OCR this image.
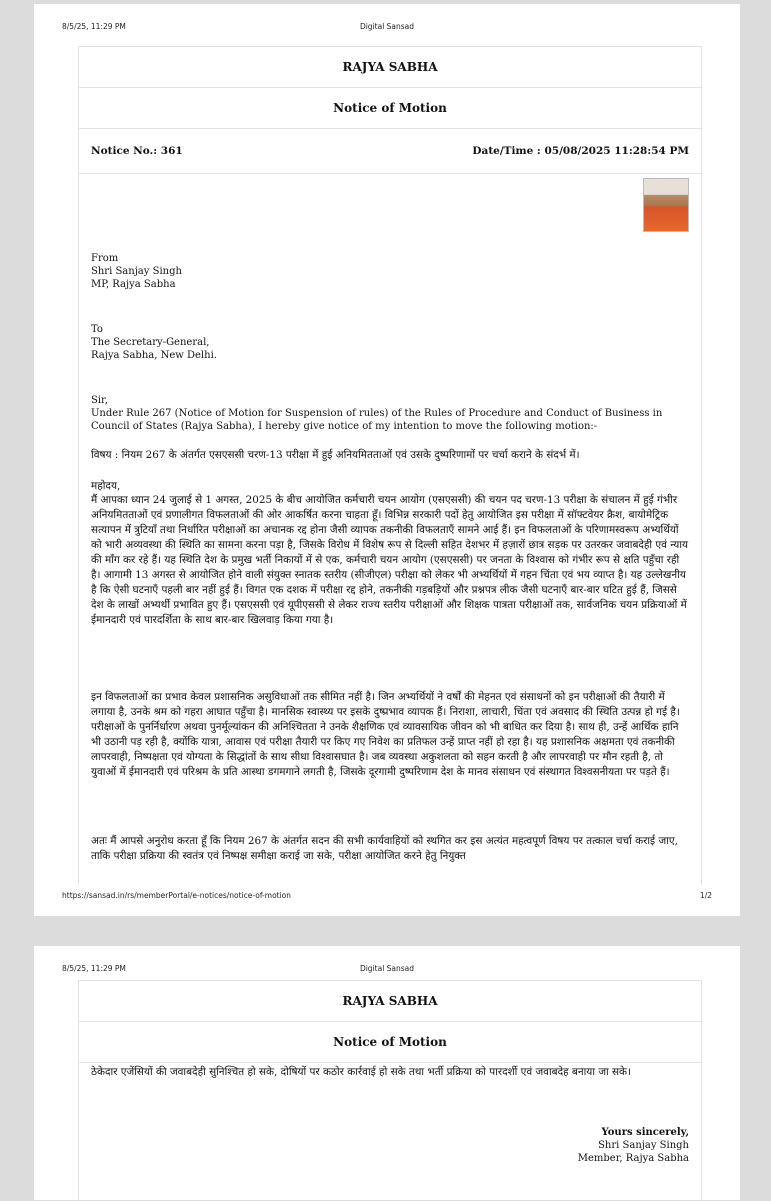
8/5/25, 11:29 PM	Digital Sansad
RAJYA SABHA
Notice of Motion
Notice No.: 361	Date/Time : 05/08/2025 11:28:54 PM

From

Shri Sanjay Singh

MP, Rajya Sabha

To

The Secretary-General,

Rajya Sabha, New Delhi.

Sir,

Under Rule 267 (Notice of Motion for Suspension of rules) of the Rules of Procedure and Conduct of Business in Council of States (Rajya Sabha), I hereby give notice of my intention to move the following motion:-

विषय : नियम 267 के अंतर्गत एसएससी चरण-13 परीक्षा में हुई अनियमितताओं एवं उसके दुष्परिणामों पर चर्चा कराने के संदर्भ में।
महोदय,
मैं आपका ध्यान 24 जुलाई से 1 अगस्त, 2025 के बीच आयोजित कर्मचारी चयन आयोग (एसएससी) की चयन पद चरण-13 परीक्षा के संचालन में हुई गंभीर अनियमितताओं एवं प्रणालीगत विफलताओं की ओर आकर्षित करना चाहता हूँ। विभिन्न सरकारी पदों हेतु आयोजित इस परीक्षा में सॉफ्टवेयर क्रैश, बायोमेट्रिक सत्यापन में त्रुटियाँ तथा निर्धारित परीक्षाओं का अचानक रद्द होना जैसी व्यापक तकनीकी विफलताएँ सामने आई हैं। इन विफलताओं के परिणामस्वरूप अभ्यर्थियों को भारी अव्यवस्था की स्थिति का सामना करना पड़ा है, जिसके विरोध में विशेष रूप से दिल्ली सहित देशभर में हज़ारों छात्र सड़क पर उतरकर जवाबदेही एवं न्याय की माँग कर रहे हैं। यह स्थिति देश के प्रमुख भर्ती निकायों में से एक, कर्मचारी चयन आयोग (एसएससी) पर जनता के विश्वास को गंभीर रूप से क्षति पहुँचा रही है। आगामी 13 अगस्त से आयोजित होने वाली संयुक्त स्नातक स्तरीय (सीजीएल) परीक्षा को लेकर भी अभ्यर्थियों में गहन चिंता एवं भय व्याप्त है। यह उल्लेखनीय है कि ऐसी घटनाएँ पहली बार नहीं हुई हैं। विगत एक दशक में परीक्षा रद्द होने, तकनीकी गड़बड़ियों और प्रश्नपत्र लीक जैसी घटनाएँ बार-बार घटित हुई हैं, जिससे देश के लाखों अभ्यर्थी प्रभावित हुए हैं। एसएससी एवं यूपीएससी से लेकर राज्य स्तरीय परीक्षाओं और शिक्षक पात्रता परीक्षाओं तक, सार्वजनिक चयन प्रक्रियाओं में ईमानदारी एवं पारदर्शिता के साथ बार-बार खिलवाड़ किया गया है।
इन विफलताओं का प्रभाव केवल प्रशासनिक असुविधाओं तक सीमित नहीं है। जिन अभ्यर्थियों ने वर्षों की मेहनत एवं संसाधनों को इन परीक्षाओं की तैयारी में लगाया है, उनके श्रम को गहरा आघात पहुँचा है। मानसिक स्वास्थ्य पर इसके दुष्प्रभाव व्यापक हैं। निराशा, लाचारी, चिंता एवं अवसाद की स्थिति उत्पन्न हो गई है। परीक्षाओं के पुनर्निर्धारण अथवा पुनर्मूल्यांकन की अनिश्चितता ने उनके शैक्षणिक एवं व्यावसायिक जीवन को भी बाधित कर दिया है। साथ ही, उन्हें आर्थिक हानि भी उठानी पड़ रही है, क्योंकि यात्रा, आवास एवं परीक्षा तैयारी पर किए गए निवेश का प्रतिफल उन्हें प्राप्त नहीं हो रहा है। यह प्रशासनिक अक्षमता एवं तकनीकी लापरवाही, निष्पक्षता एवं योग्यता के सिद्धांतों के साथ सीधा विश्वासघात है। जब व्यवस्था अकुशलता को सहन करती है और लापरवाही पर मौन रहती है, तो युवाओं में ईमानदारी एवं परिश्रम के प्रति आस्था डगमगाने लगती है, जिसके दूरगामी दुष्परिणाम देश के मानव संसाधन एवं संस्थागत विश्वसनीयता पर पड़ते हैं।
अतः मैं आपसे अनुरोध करता हूँ कि नियम 267 के अंतर्गत सदन की सभी कार्यवाहियों को स्थगित कर इस अत्यंत महत्वपूर्ण विषय पर तत्काल चर्चा कराई जाए, ताकि परीक्षा प्रक्रिया की स्वतंत्र एवं निष्पक्ष समीक्षा कराई जा सके, परीक्षा आयोजित करने हेतु नियुक्त
https://sansad.in/rs/memberPortal/e-notices/notice-of-motion	1/2
8/5/25, 11:29 PM	Digital Sansad
RAJYA SABHA
Notice of Motion
ठेकेदार एजेंसियों की जवाबदेही सुनिश्चित हो सके, दोषियों पर कठोर कार्रवाई हो सके तथा भर्ती प्रक्रिया को पारदर्शी एवं जवाबदेह बनाया जा सके।

Yours sincerely,

Shri Sanjay Singh

Member, Rajya Sabha
